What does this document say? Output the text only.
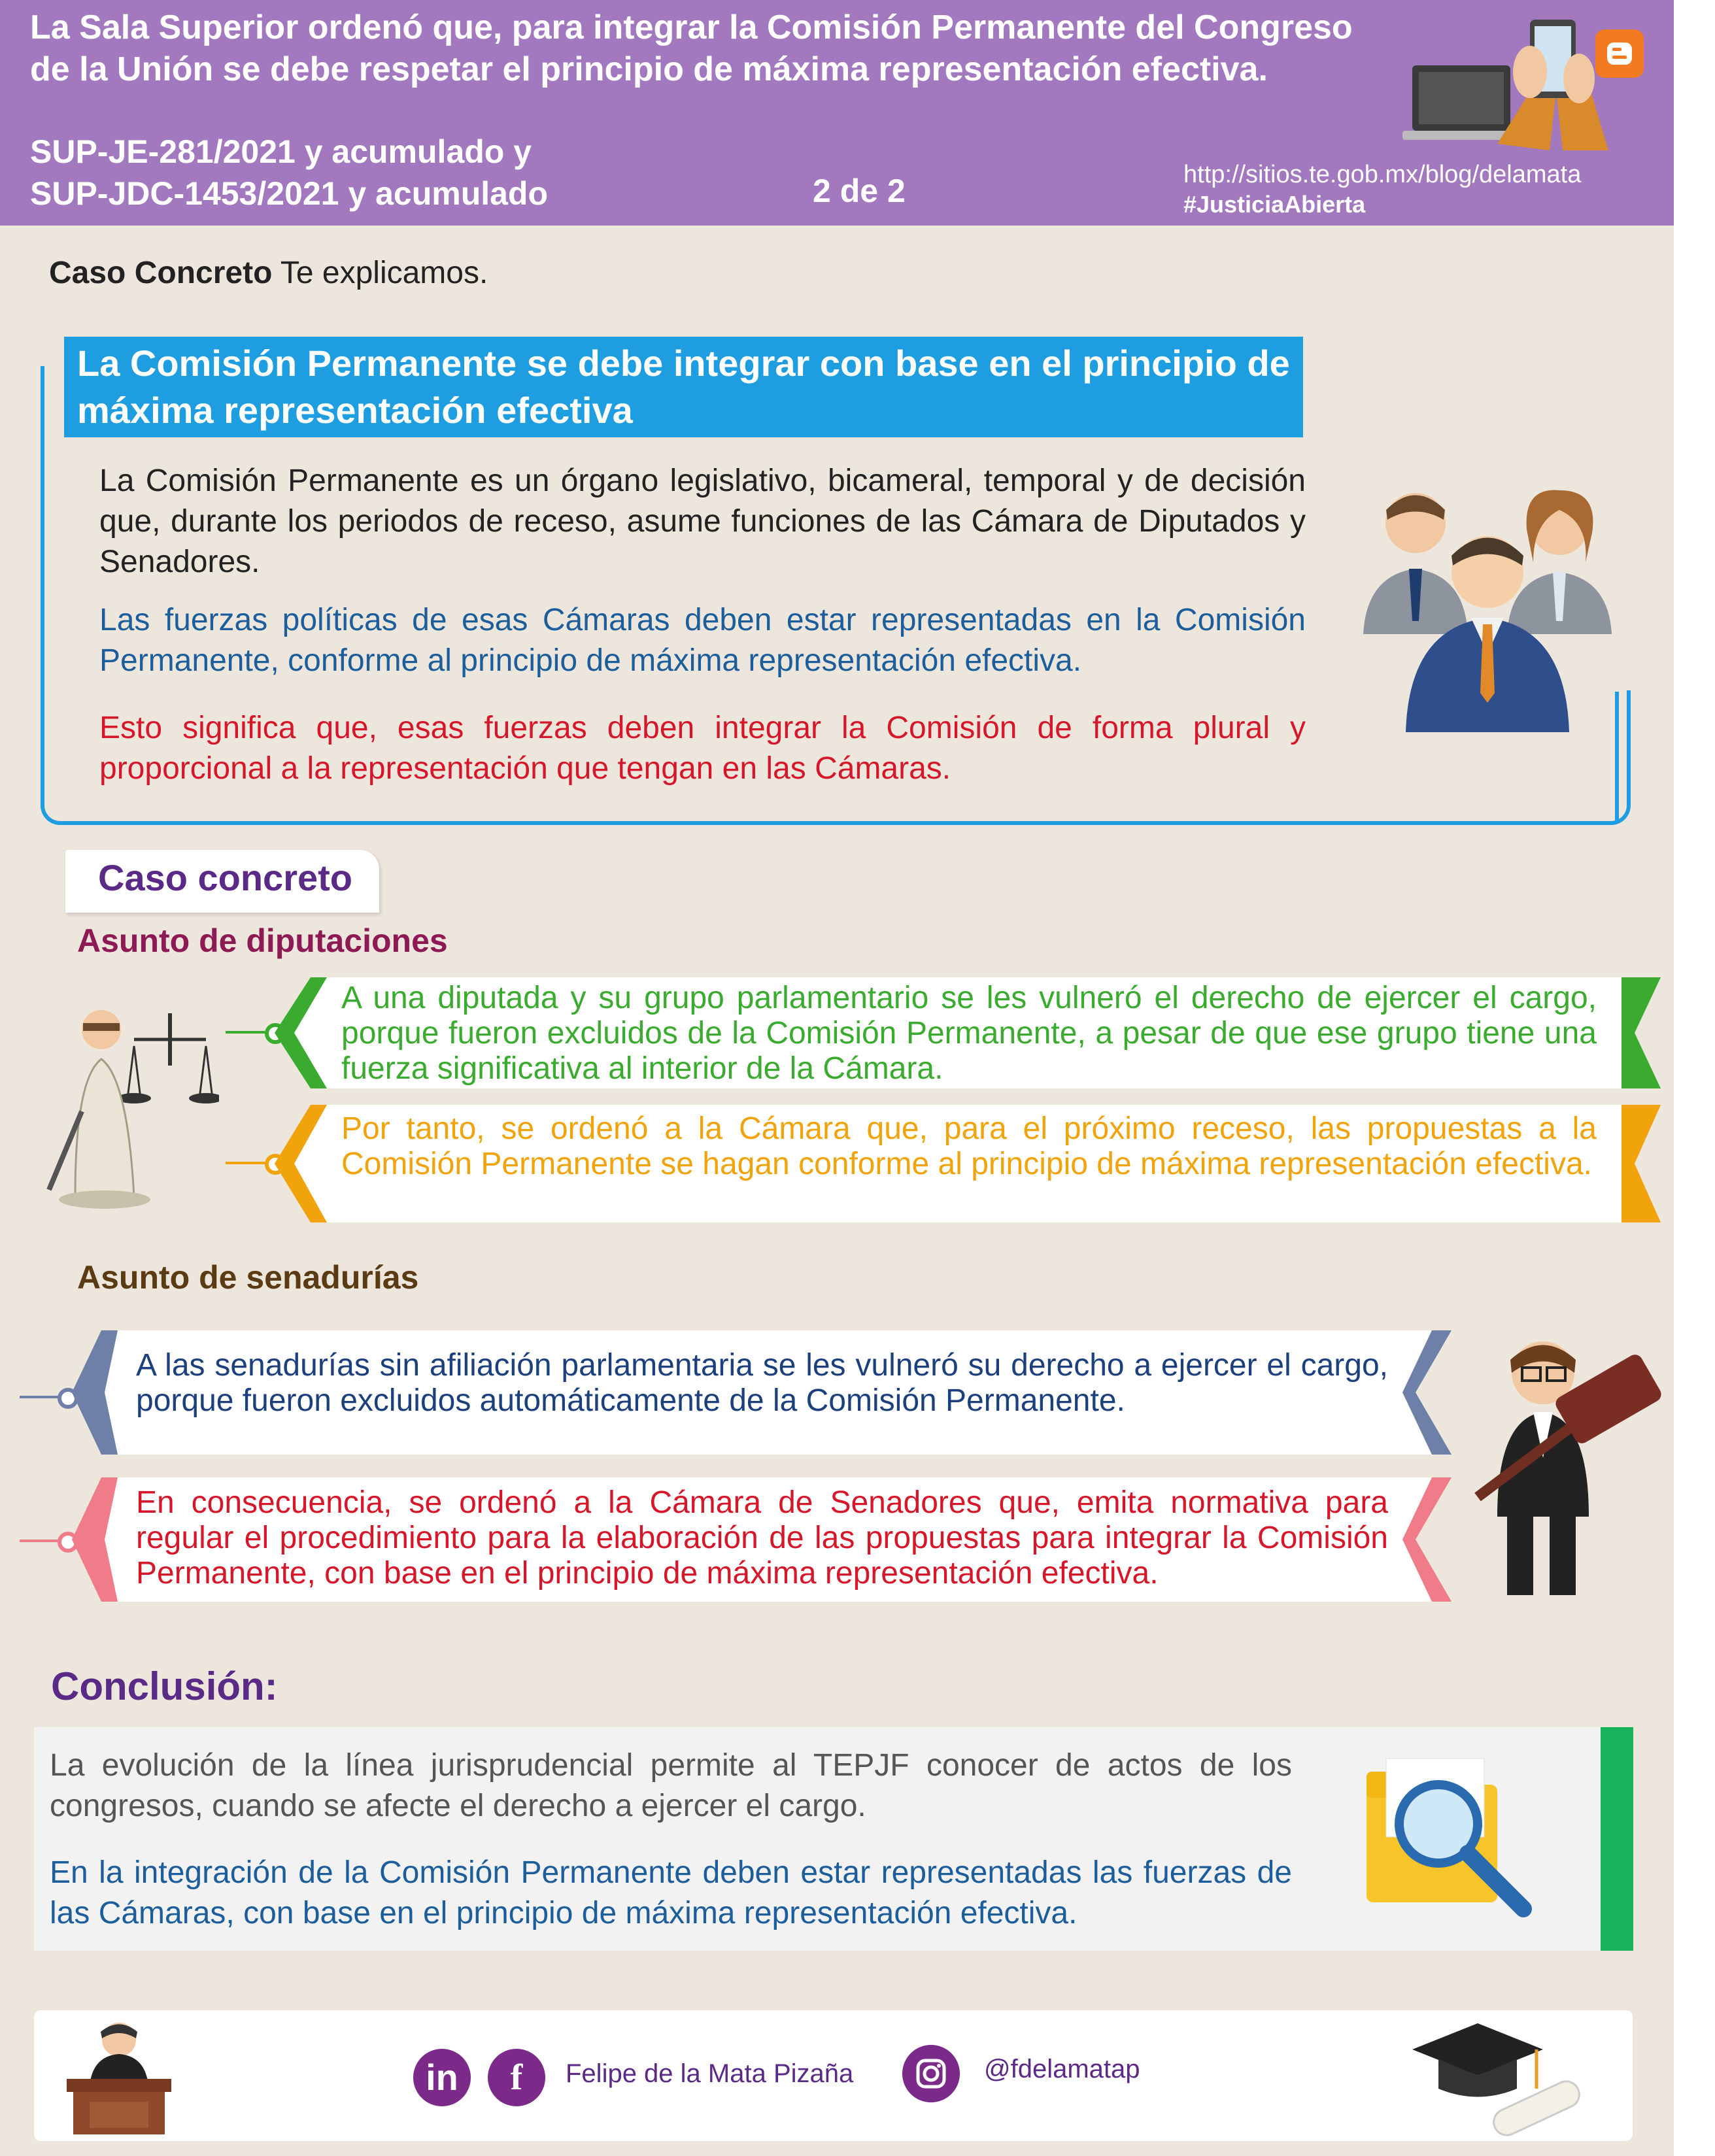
La Sala Superior ordenó que, para integrar la Comisión Permanente del Congreso de la Unión se debe respetar el principio de máxima representación efectiva.
SUP-JE-281/2021 y acumulado y
SUP-JDC-1453/2021 y acumulado	2 de 2	http://sitios.te.gob.mx/blog/delamata
#JusticiaAbierta
Caso Concreto Te explicamos.
La Comisión Permanente se debe integrar con base en el principio de máxima representación efectiva
La Comisión Permanente es un órgano legislativo, bicameral, temporal y de decisión que, durante los periodos de receso, asume funciones de las Cámara de Diputados y Senadores.
Las fuerzas políticas de esas Cámaras deben estar representadas en la Comisión Permanente, conforme al principio de máxima representación efectiva.
Esto significa que, esas fuerzas deben integrar la Comisión de forma plural y proporcional a la representación que tengan en las Cámaras.
Caso concreto
Asunto de diputaciones
A una diputada y su grupo parlamentario se les vulneró el derecho de ejercer el cargo, porque fueron excluidos de la Comisión Permanente, a pesar de que ese grupo tiene una fuerza significativa al interior de la Cámara.
Por tanto, se ordenó a la Cámara que, para el próximo receso, las propuestas a la Comisión Permanente se hagan conforme al principio de máxima representación efectiva.
Asunto de senadurías
A las senadurías sin afiliación parlamentaria se les vulneró su derecho a ejercer el cargo, porque fueron excluidos automáticamente de la Comisión Permanente.
En consecuencia, se ordenó a la Cámara de Senadores que, emita normativa para regular el procedimiento para la elaboración de las propuestas para integrar la Comisión Permanente, con base en el principio de máxima representación efectiva.
Conclusión:
La evolución de la línea jurisprudencial permite al TEPJF conocer de actos de los congresos, cuando se afecte el derecho a ejercer el cargo.
En la integración de la Comisión Permanente deben estar representadas las fuerzas de las Cámaras, con base en el principio de máxima representación efectiva.
in	f	Felipe de la Mata Pizaña	@fdelamatap
